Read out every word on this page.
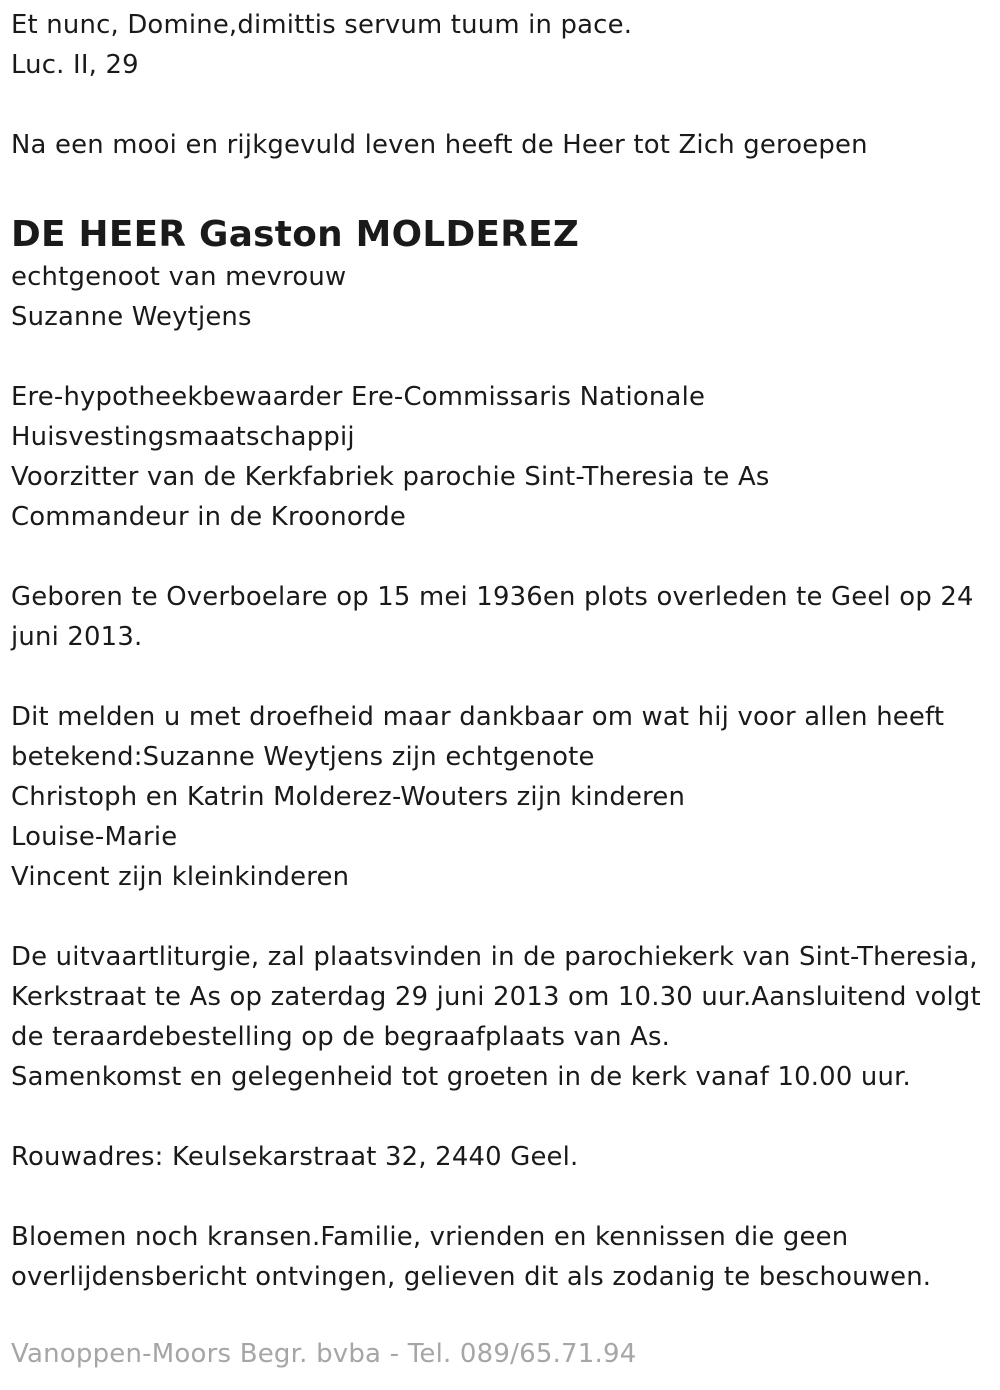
Et nunc, Domine,dimittis servum tuum in pace.
Luc. II, 29
Na een mooi en rijkgevuld leven heeft de Heer tot Zich geroepen
DE HEER Gaston MOLDEREZ
echtgenoot van mevrouw
Suzanne Weytjens
Ere-hypotheekbewaarder Ere-Commissaris Nationale
Huisvestingsmaatschappij
Voorzitter van de Kerkfabriek parochie Sint-Theresia te As
Commandeur in de Kroonorde
Geboren te Overboelare op 15 mei 1936en plots overleden te Geel op 24
juni 2013.
Dit melden u met droefheid maar dankbaar om wat hij voor allen heeft
betekend:Suzanne Weytjens zijn echtgenote
Christoph en Katrin Molderez-Wouters zijn kinderen
Louise-Marie
Vincent zijn kleinkinderen
De uitvaartliturgie, zal plaatsvinden in de parochiekerk van Sint-Theresia,
Kerkstraat te As op zaterdag 29 juni 2013 om 10.30 uur.Aansluitend volgt
de teraardebestelling op de begraafplaats van As.
Samenkomst en gelegenheid tot groeten in de kerk vanaf 10.00 uur.
Rouwadres: Keulsekarstraat 32, 2440 Geel.
Bloemen noch kransen.Familie, vrienden en kennissen die geen
overlijdensbericht ontvingen, gelieven dit als zodanig te beschouwen.
Vanoppen-Moors Begr. bvba - Tel. 089/65.71.94
